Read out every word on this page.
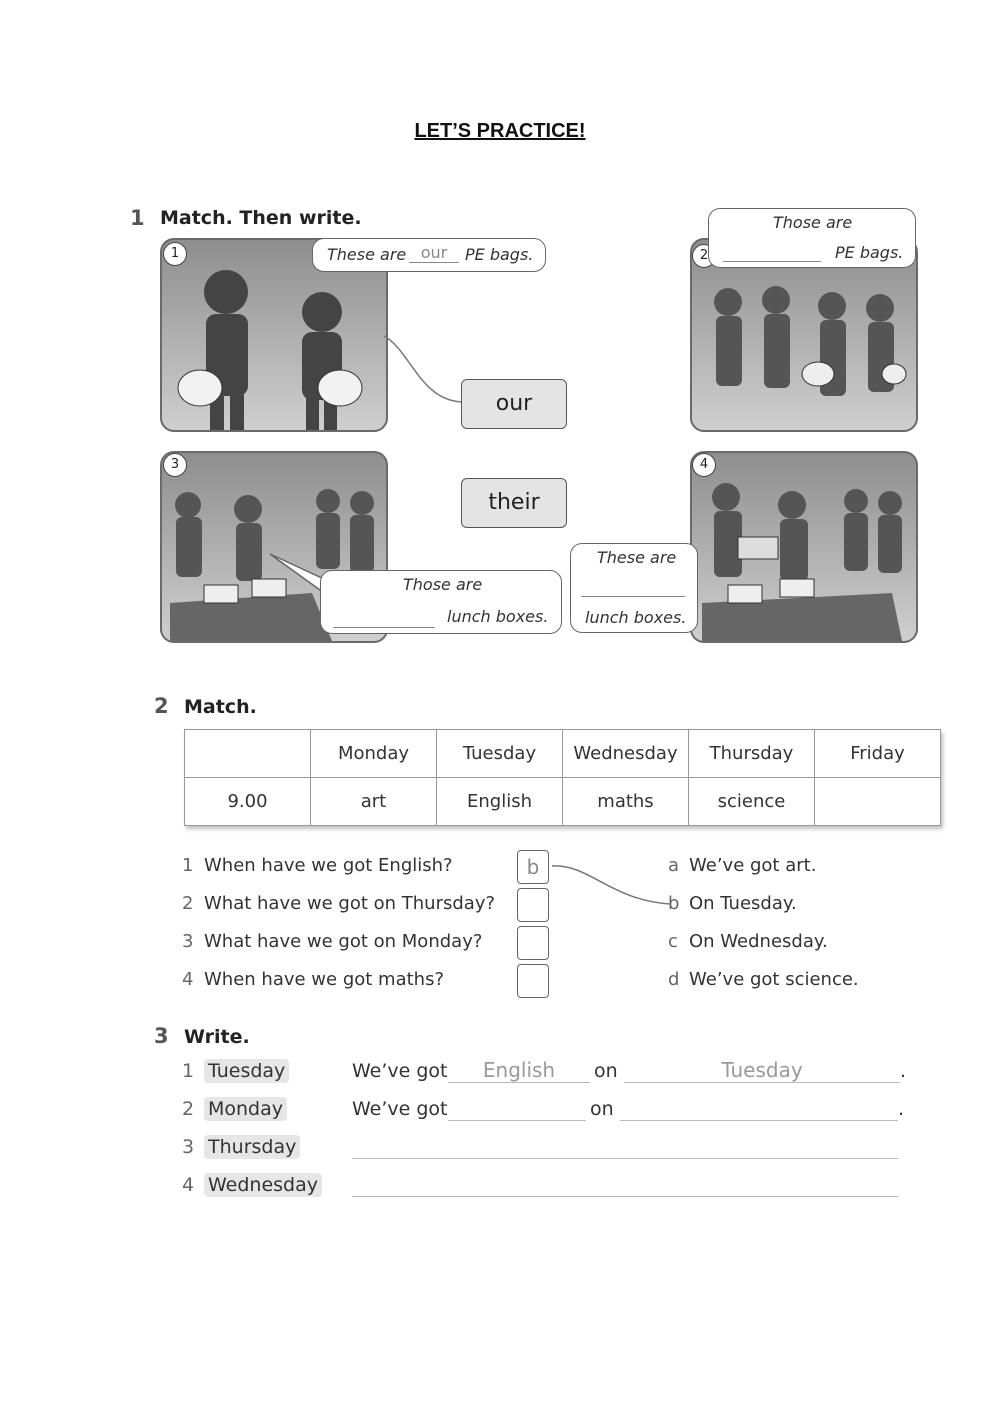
LET’S PRACTICE!
1 Match. Then write.
1	These are our	PE bags.	2
Those are
PE bags.
our
their
3
Those are
lunch boxes.
4
These are
lunch boxes.
2 Match.
	Monday	Tuesday	Wednesday	Thursday	Friday
9.00	art	English	maths	science	
1 When have we got English?
2 What have we got on Thursday?
3 What have we got on Monday?
4 When have we got maths?
b	a We’ve got art.
b On Tuesday.
c On Wednesday.
d We’ve got science.
3 Write.
1 Tuesday	We’ve got	English	on	Tuesday	.
2 Monday	We’ve got	on	.
3 Thursday
4 Wednesday
